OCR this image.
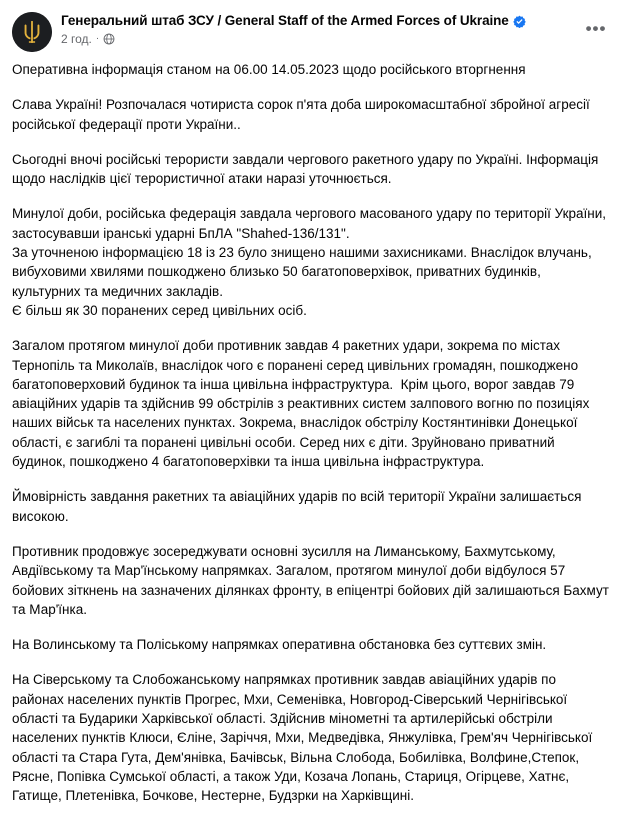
Генеральний штаб ЗСУ / General Staff of the Armed Forces of Ukraine
2 год. ·
•••

Оперативна інформація станом на 06.00 14.05.2023 щодо російського вторгнення

Слава Україні! Розпочалася чотириста сорок п'ята доба широкомасштабної збройної агресії російської федерації проти України..

Сьогодні вночі російські терористи завдали чергового ракетного удару по Україні. Інформація щодо наслідків цієї терористичної атаки наразі уточнюється.

Минулої доби, російська федерація завдала чергового масованого удару по території України, застосувавши іранські ударні БпЛА "Shahed-136/131".

За уточненою інформацією 18 із 23 було знищено нашими захисниками. Внаслідок влучань, вибуховими хвилями пошкоджено близько 50 багатоповерхівок, приватних будинків, культурних та медичних закладів.

Є більш як 30 поранених серед цивільних осіб.

Загалом протягом минулої доби противник завдав 4 ракетних удари, зокрема по містах Тернопіль та Миколаїв, внаслідок чого є поранені серед цивільних громадян, пошкоджено багатоповерховий будинок та інша цивільна інфраструктура.  Крім цього, ворог завдав 79 авіаційних ударів та здійснив 99 обстрілів з реактивних систем залпового вогню по позиціях наших військ та населених пунктах. Зокрема, внаслідок обстрілу Костянтинівки Донецької області, є загиблі та поранені цивільні особи. Серед них є діти. Зруйновано приватний будинок, пошкоджено 4 багатоповерхівки та інша цивільна інфраструктура.

Ймовірність завдання ракетних та авіаційних ударів по всій території України залишається високою.

Противник продовжує зосереджувати основні зусилля на Лиманському, Бахмутському, Авдіївському та Мар'їнському напрямках. Загалом, протягом минулої доби відбулося 57 бойових зіткнень на зазначених ділянках фронту, в епіцентрі бойових дій залишаються Бахмут та Мар'їнка.

На Волинському та Поліському напрямках оперативна обстановка без суттєвих змін.

На Сіверському та Слобожанському напрямках противник завдав авіаційних ударів по районах населених пунктів Прогрес, Мхи, Семенівка, Новгород-Сіверський Чернігівської області та Бударики Харківської області. Здійснив мінометні та артилерійські обстріли населених пунктів Клюси, Єліне, Заріччя, Мхи, Медведівка, Янжулівка, Грем'яч Чернігівської області та Стара Гута, Дем'янівка, Бачівськ, Вільна Слобода, Бобилівка, Волфине,Степок, Рясне, Попівка Сумської області, а також Уди, Козача Лопань, Стариця, Огірцеве, Хатнє, Гатище, Плетенівка, Бочкове, Нестерне, Будзрки на Харківщині.
